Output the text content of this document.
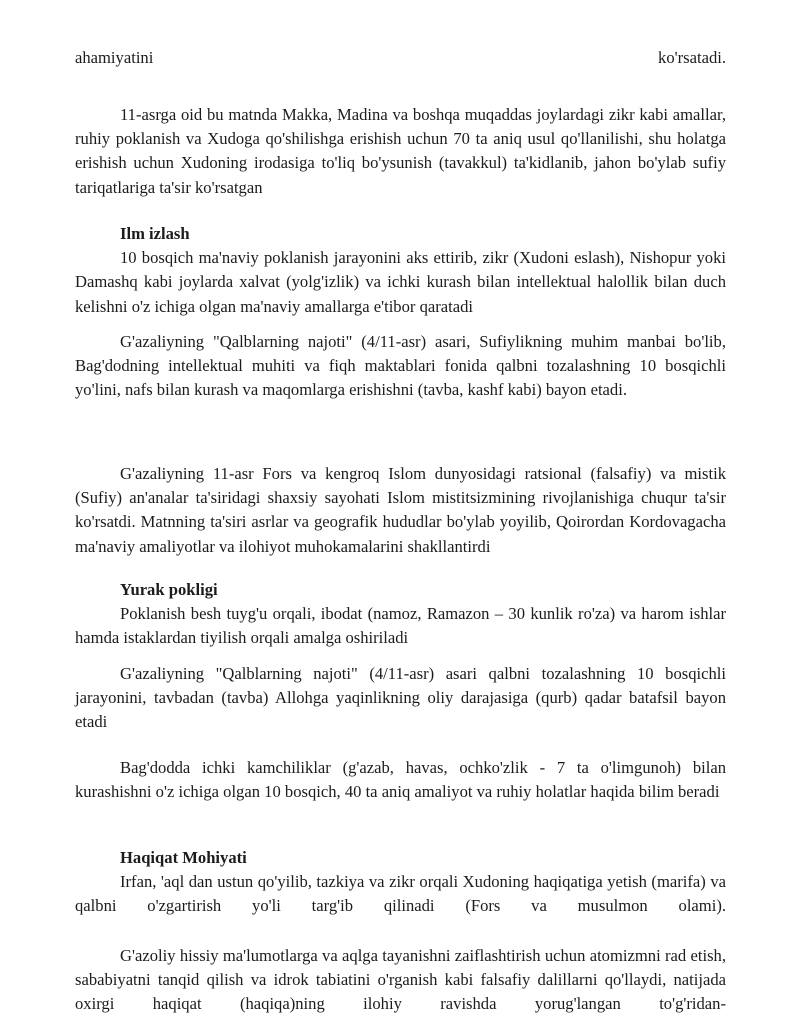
ahamiyatini	ko'rsatadi.

11-asrga oid bu matnda Makka, Madina va boshqa muqaddas joylardagi zikr kabi amallar, ruhiy poklanish va Xudoga qo'shilishga erishish uchun 70 ta aniq usul qo'llanilishi, shu holatga erishish uchun Xudoning irodasiga to'liq bo'ysunish (tavakkul) ta'kidlanib, jahon bo'ylab sufiy tariqatlariga ta'sir ko'rsatgan

Ilm izlash

10 bosqich ma'naviy poklanish jarayonini aks ettirib, zikr (Xudoni eslash), Nishopur yoki Damashq kabi joylarda xalvat (yolg'izlik) va ichki kurash bilan intellektual halollik bilan duch kelishni o'z ichiga olgan ma'naviy amallarga e'tibor qaratadi

G'azaliyning "Qalblarning najoti" (4/11-asr) asari, Sufiylikning muhim manbai bo'lib, Bag'dodning intellektual muhiti va fiqh maktablari fonida qalbni tozalashning 10 bosqichli yo'lini, nafs bilan kurash va maqomlarga erishishni (tavba, kashf kabi) bayon etadi.

G'azaliyning 11-asr Fors va kengroq Islom dunyosidagi ratsional (falsafiy) va mistik (Sufiy) an'analar ta'siridagi shaxsiy sayohati Islom mistitsizmining rivojlanishiga chuqur ta'sir ko'rsatdi. Matnning ta'siri asrlar va geografik hududlar bo'ylab yoyilib, Qoirordan Kordovagacha ma'naviy amaliyotlar va ilohiyot muhokamalarini shakllantirdi

Yurak pokligi

Poklanish besh tuyg'u orqali, ibodat (namoz, Ramazon – 30 kunlik ro'za) va harom ishlar hamda istaklardan tiyilish orqali amalga oshiriladi

G'azaliyning "Qalblarning najoti" (4/11-asr) asari qalbni tozalashning 10 bosqichli jarayonini, tavbadan (tavba) Allohga yaqinlikning oliy darajasiga (qurb) qadar batafsil bayon etadi

Bag'dodda ichki kamchiliklar (g'azab, havas, ochko'zlik - 7 ta o'limgunoh) bilan kurashishni o'z ichiga olgan 10 bosqich, 40 ta aniq amaliyot va ruhiy holatlar haqida bilim beradi

Haqiqat Mohiyati

Irfan, 'aql dan ustun qo'yilib, tazkiya va zikr orqali Xudoning haqiqatiga yetish (marifa) va qalbni o'zgartirish yo'li targ'ib qilinadi (Fors va musulmon olami).

G'azoliy hissiy ma'lumotlarga va aqlga tayanishni zaiflashtirish uchun atomizmni rad etish, sababiyatni tanqid qilish va idrok tabiatini o'rganish kabi falsafiy dalillarni qo'llaydi, natijada oxirgi haqiqat (haqiqa)ning ilohiy ravishda yorug'langan to'g'ridan-
